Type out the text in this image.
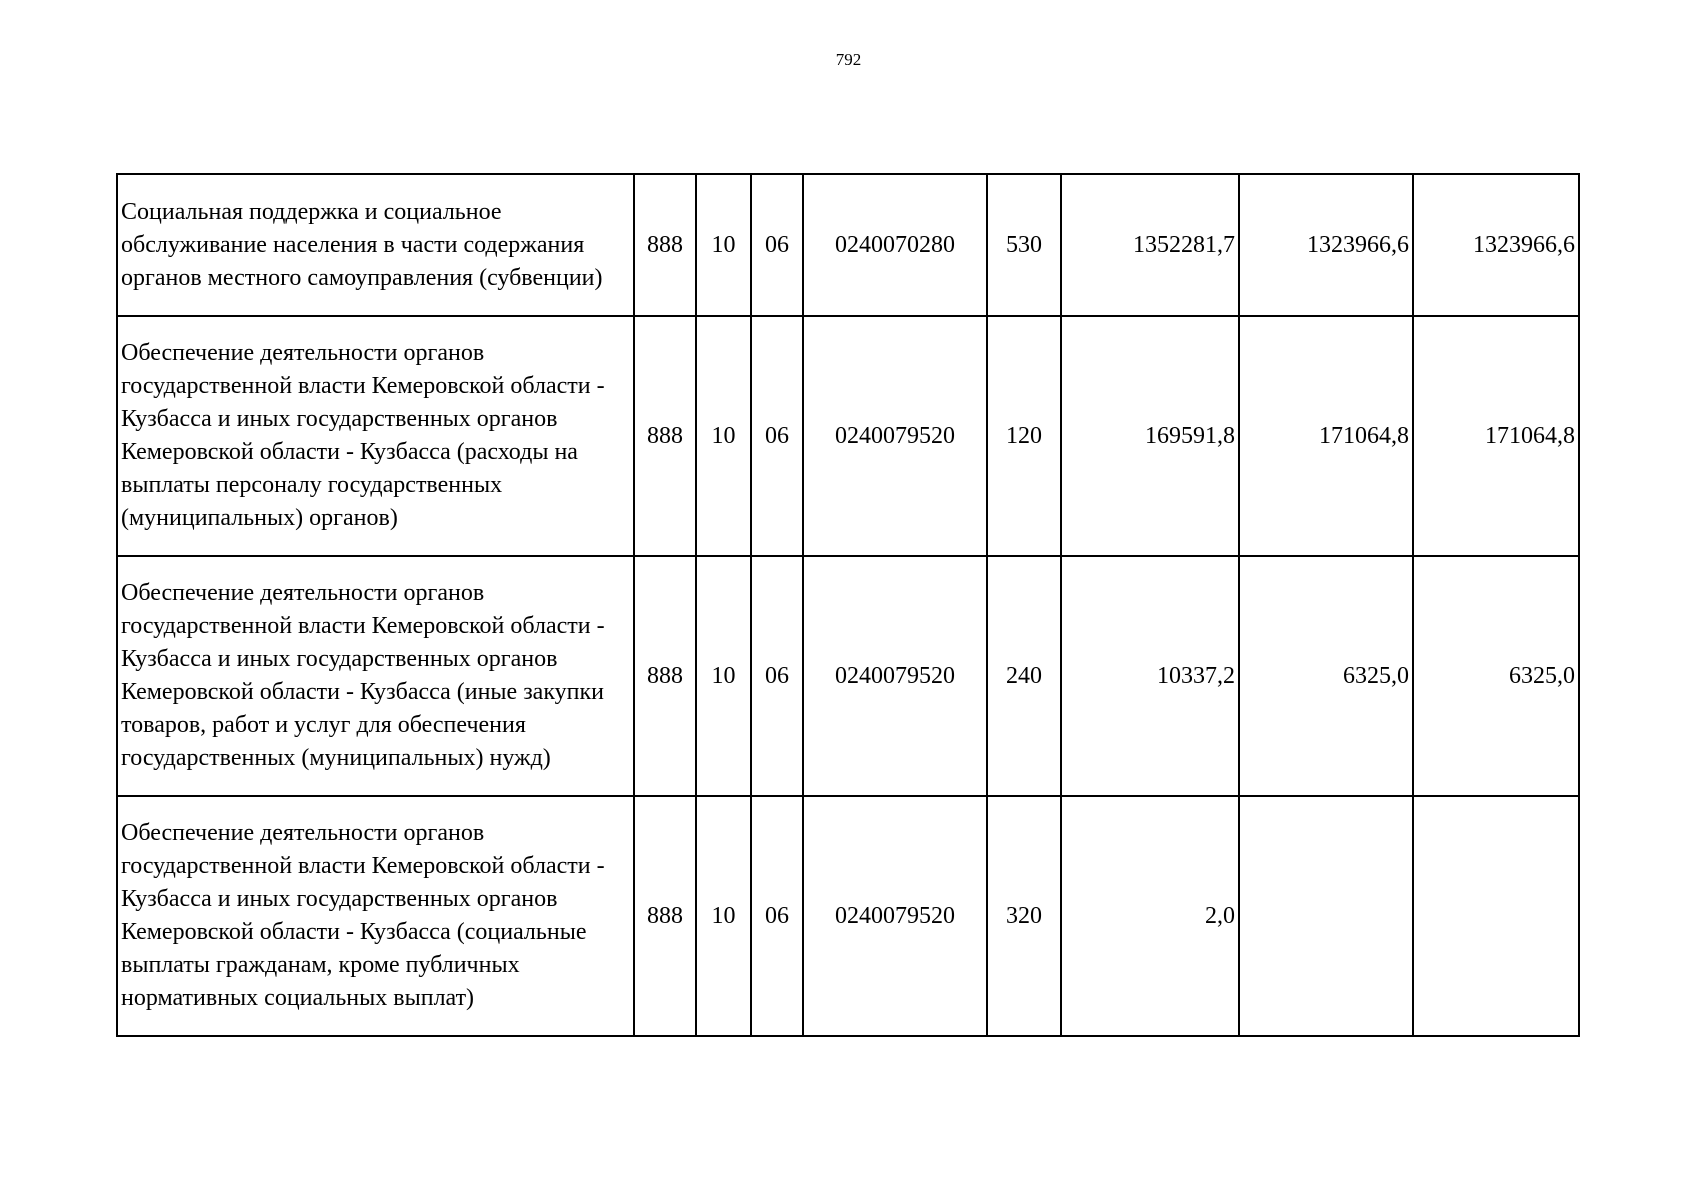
792
Социальная поддержка и социальное обслуживание населения в части содержания органов местного самоуправления (субвенции)	888	10	06	0240070280	530	1352281,7	1323966,6	1323966,6
Обеспечение деятельности органов государственной власти Кемеровской области - Кузбасса и иных государственных органов Кемеровской области - Кузбасса (расходы на выплаты персоналу государственных (муниципальных) органов)	888	10	06	0240079520	120	169591,8	171064,8	171064,8
Обеспечение деятельности органов государственной власти Кемеровской области - Кузбасса и иных государственных органов Кемеровской области - Кузбасса (иные закупки товаров, работ и услуг для обеспечения государственных (муниципальных) нужд)	888	10	06	0240079520	240	10337,2	6325,0	6325,0
Обеспечение деятельности органов государственной власти Кемеровской области - Кузбасса и иных государственных органов Кемеровской области - Кузбасса (социальные выплаты гражданам, кроме публичных нормативных социальных выплат)	888	10	06	0240079520	320	2,0		
